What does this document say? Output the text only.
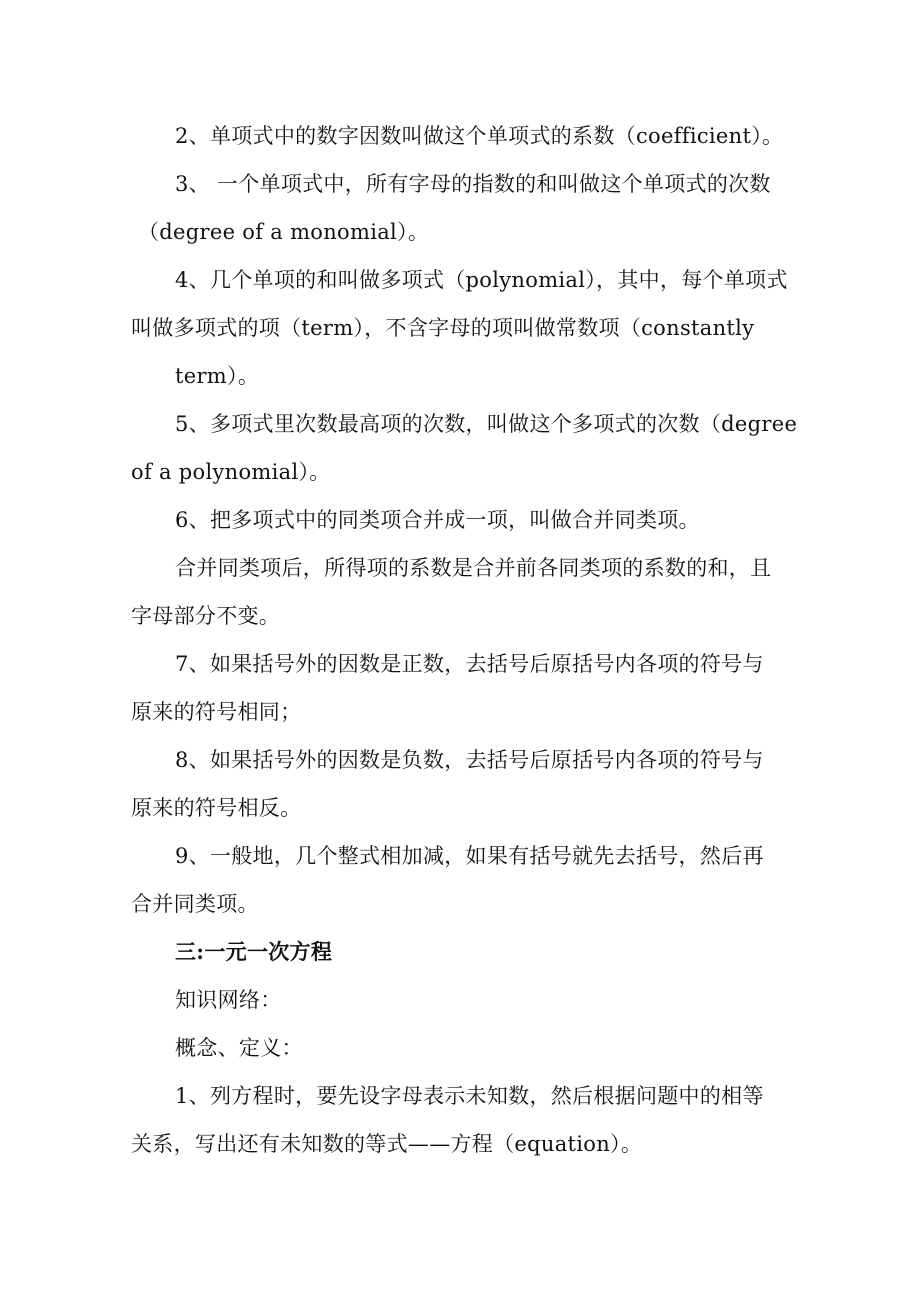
2、单项式中的数字因数叫做这个单项式的系数（coefficient）。
3、 一个单项式中，所有字母的指数的和叫做这个单项式的次数
（degree of a monomial）。
4、几个单项的和叫做多项式（polynomial），其中，每个单项式
叫做多项式的项（term），不含字母的项叫做常数项（constantly
term）。
5、多项式里次数最高项的次数，叫做这个多项式的次数（degree
of a polynomial）。
6、把多项式中的同类项合并成一项，叫做合并同类项。
合并同类项后，所得项的系数是合并前各同类项的系数的和，且
字母部分不变。
7、如果括号外的因数是正数，去括号后原括号内各项的符号与
原来的符号相同；
8、如果括号外的因数是负数，去括号后原括号内各项的符号与
原来的符号相反。
9、一般地，几个整式相加减，如果有括号就先去括号，然后再
合并同类项。
三:一元一次方程
知识网络：
概念、定义：
1、列方程时，要先设字母表示未知数，然后根据问题中的相等
关系，写出还有未知数的等式——方程（equation）。
